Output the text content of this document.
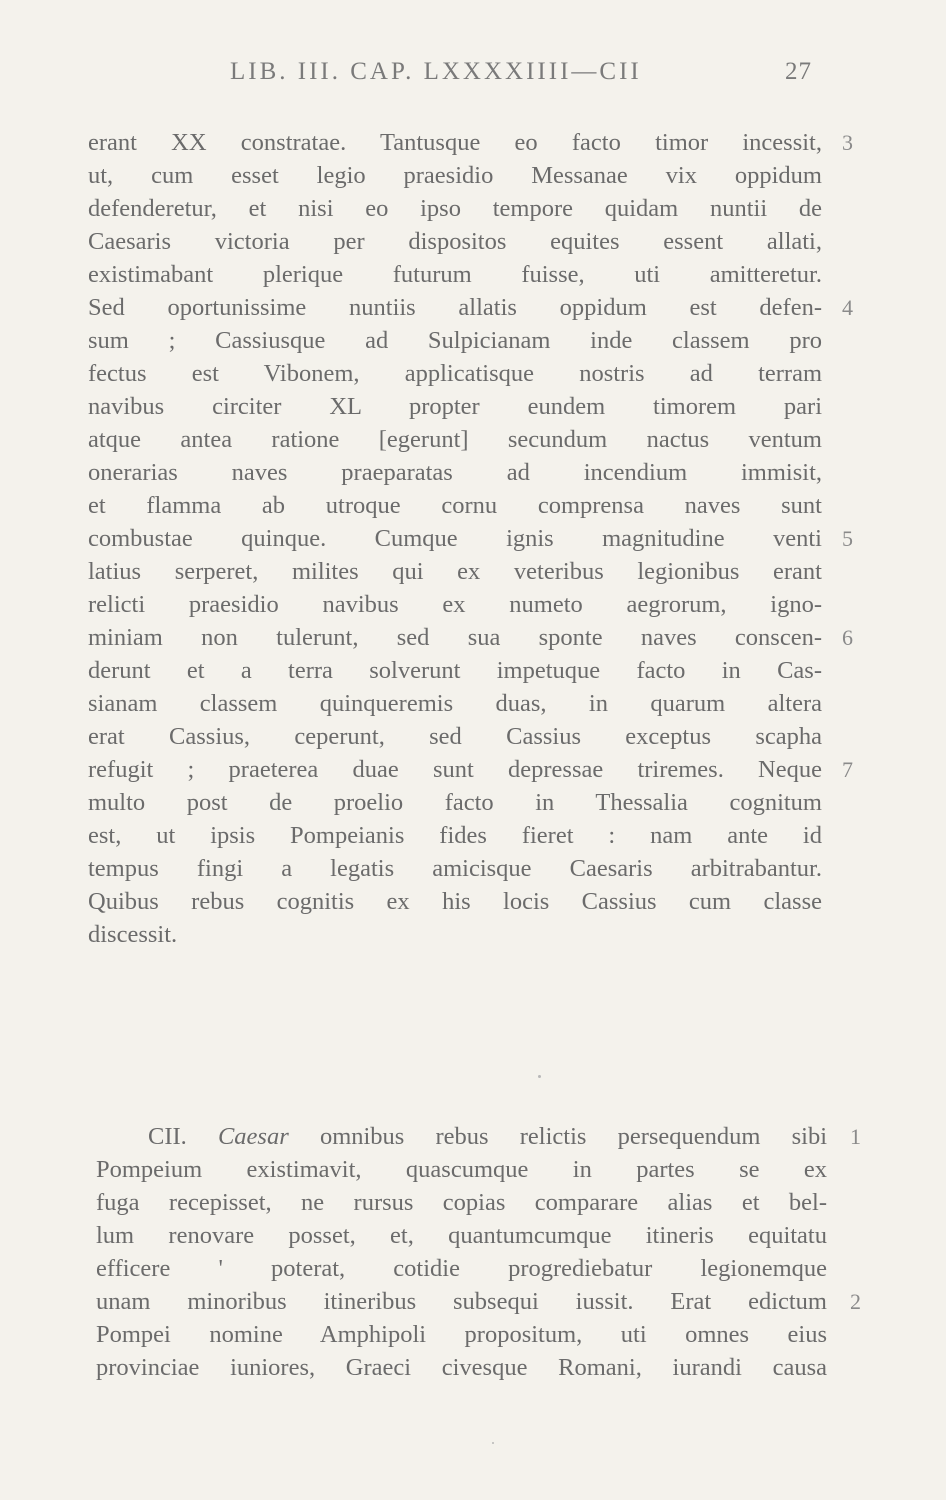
LIB. III. CAP. LXXXXIIII—CII	27
erant XX constratae. Tantusque eo facto timor incessit,
ut, cum esset legio praesidio Messanae vix oppidum
defenderetur, et nisi eo ipso tempore quidam nuntii de
Caesaris victoria per dispositos equites essent allati,
existimabant plerique futurum fuisse, uti amitteretur.
Sed oportunissime nuntiis allatis oppidum est defen-
sum ; Cassiusque ad Sulpicianam inde classem pro
fectus est Vibonem, applicatisque nostris ad terram
navibus circiter XL propter eundem timorem pari
atque antea ratione [egerunt] secundum nactus ventum
onerarias naves praeparatas ad incendium immisit,
et flamma ab utroque cornu comprensa naves sunt
combustae quinque. Cumque ignis magnitudine venti
latius serperet, milites qui ex veteribus legionibus erant
relicti praesidio navibus ex numeto aegrorum, igno-
miniam non tulerunt, sed sua sponte naves conscen-
derunt et a terra solverunt impetuque facto in Cas-
sianam classem quinqueremis duas, in quarum altera
erat Cassius, ceperunt, sed Cassius exceptus scapha
refugit ; praeterea duae sunt depressae triremes. Neque
multo post de proelio facto in Thessalia cognitum
est, ut ipsis Pompeianis fides fieret : nam ante id
tempus fingi a legatis amicisque Caesaris arbitrabantur.
Quibus rebus cognitis ex his locis Cassius cum classe
discessit.
3
4
5
6
7
CII. Caesar omnibus rebus relictis persequendum sibi
Pompeium existimavit, quascumque in partes se ex
fuga recepisset, ne rursus copias comparare alias et bel-
lum renovare posset, et, quantumcumque itineris equitatu
efficere ' poterat, cotidie progrediebatur legionemque
unam minoribus itineribus subsequi iussit. Erat edictum
Pompei nomine Amphipoli propositum, uti omnes eius
provinciae iuniores, Graeci civesque Romani, iurandi causa
1
2
